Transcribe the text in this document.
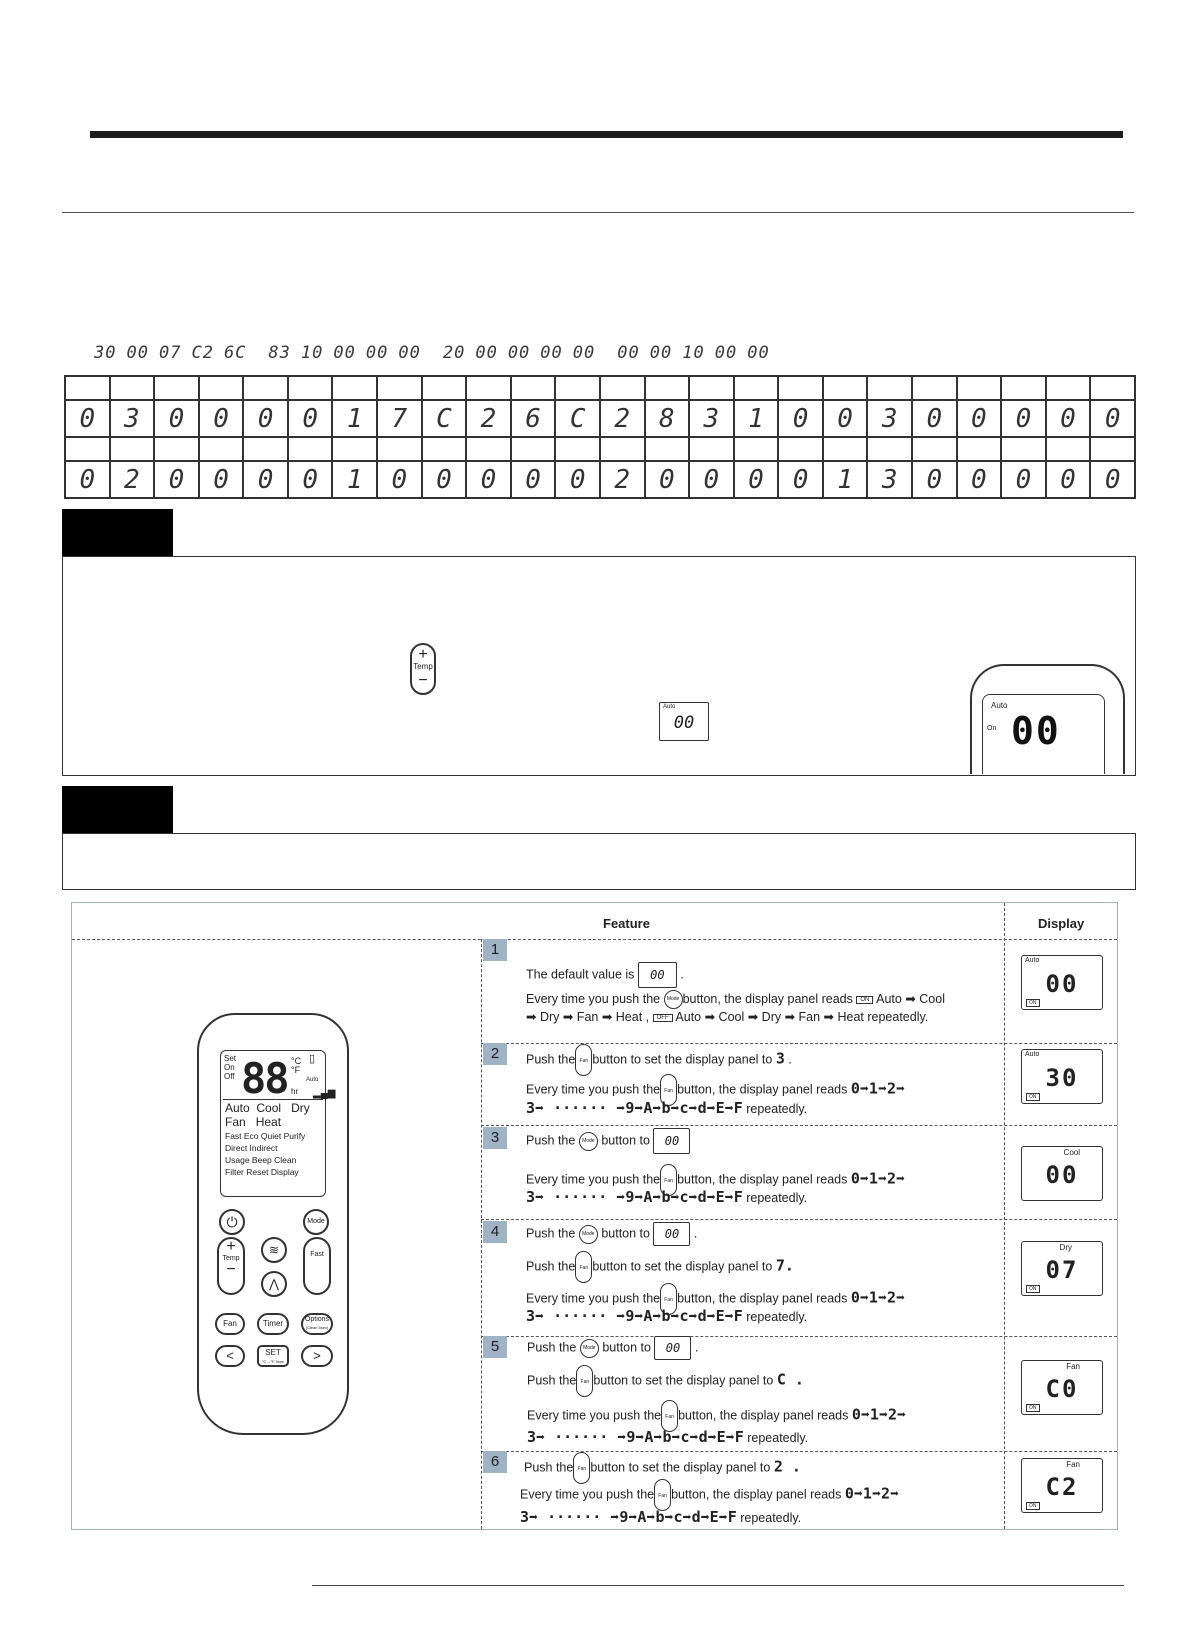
30 00 07 C2 6C 83 10 00 00 00 20 00 00 00 00 00 00 10 00 00

0	3	0	0	0	0	1	7	C	2	6	C	2	8	3	1	0	0	3	0	0	0	0	0

0	2	0	0	0	0	1	0	0	0	0	0	2	0	0	0	0	1	3	0	0	0	0	0
+
Temp
−
Auto
00
Auto
On 00
Feature	Display
Set
On
Off 88 °C
°F
hr
Auto
▯
▂▄▆
Auto Cool Dry
Fan Heat
Fast Eco Quiet Purify
Direct Indirect
Usage Beep Clean
Filter Reset Display
⏻	Mode
+
Temp
−
≋
⋀
Fast
Fan	Timer	Options
(Clean 5sec)
<	SET
°C↔°F 5sec	>
1
The default value is	00 .
Every time you push the Mode button, the display panel reads ON Auto ➡ Cool
➡ Dry ➡ Fan ➡ Heat , OFF Auto ➡ Cool ➡ Dry ➡ Fan ➡ Heat repeatedly.
Auto
00
ON
2	Push the Fan button to set the display panel to 3 .
Every time you push the Fan button, the display panel reads 0➡1➡2➡
3➡ ······ ➡9➡A➡b➡c➡d➡E➡F repeatedly.
Auto
30
ON
3	Push the Mode button to	00
Every time you push the Fan button, the display panel reads 0➡1➡2➡
3➡ ······ ➡9➡A➡b➡c➡d➡E➡F repeatedly.
Cool
00
4	Push the Mode button to	00 .
Push the Fan button to set the display panel to 7.
Every time you push the Fan button, the display panel reads 0➡1➡2➡
3➡ ······ ➡9➡A➡b➡c➡d➡E➡F repeatedly.
Dry
07
ON
5	Push the Mode button to	00 .
Push the Fan button to set the display panel to C .
Every time you push the Fan button, the display panel reads 0➡1➡2➡
3➡ ······ ➡9➡A➡b➡c➡d➡E➡F repeatedly.
Fan
C0
ON
6	Push the Fan button to set the display panel to 2 .
Every time you push the Fan button, the display panel reads 0➡1➡2➡
3➡ ······ ➡9➡A➡b➡c➡d➡E➡F repeatedly.
Fan
C2
ON
